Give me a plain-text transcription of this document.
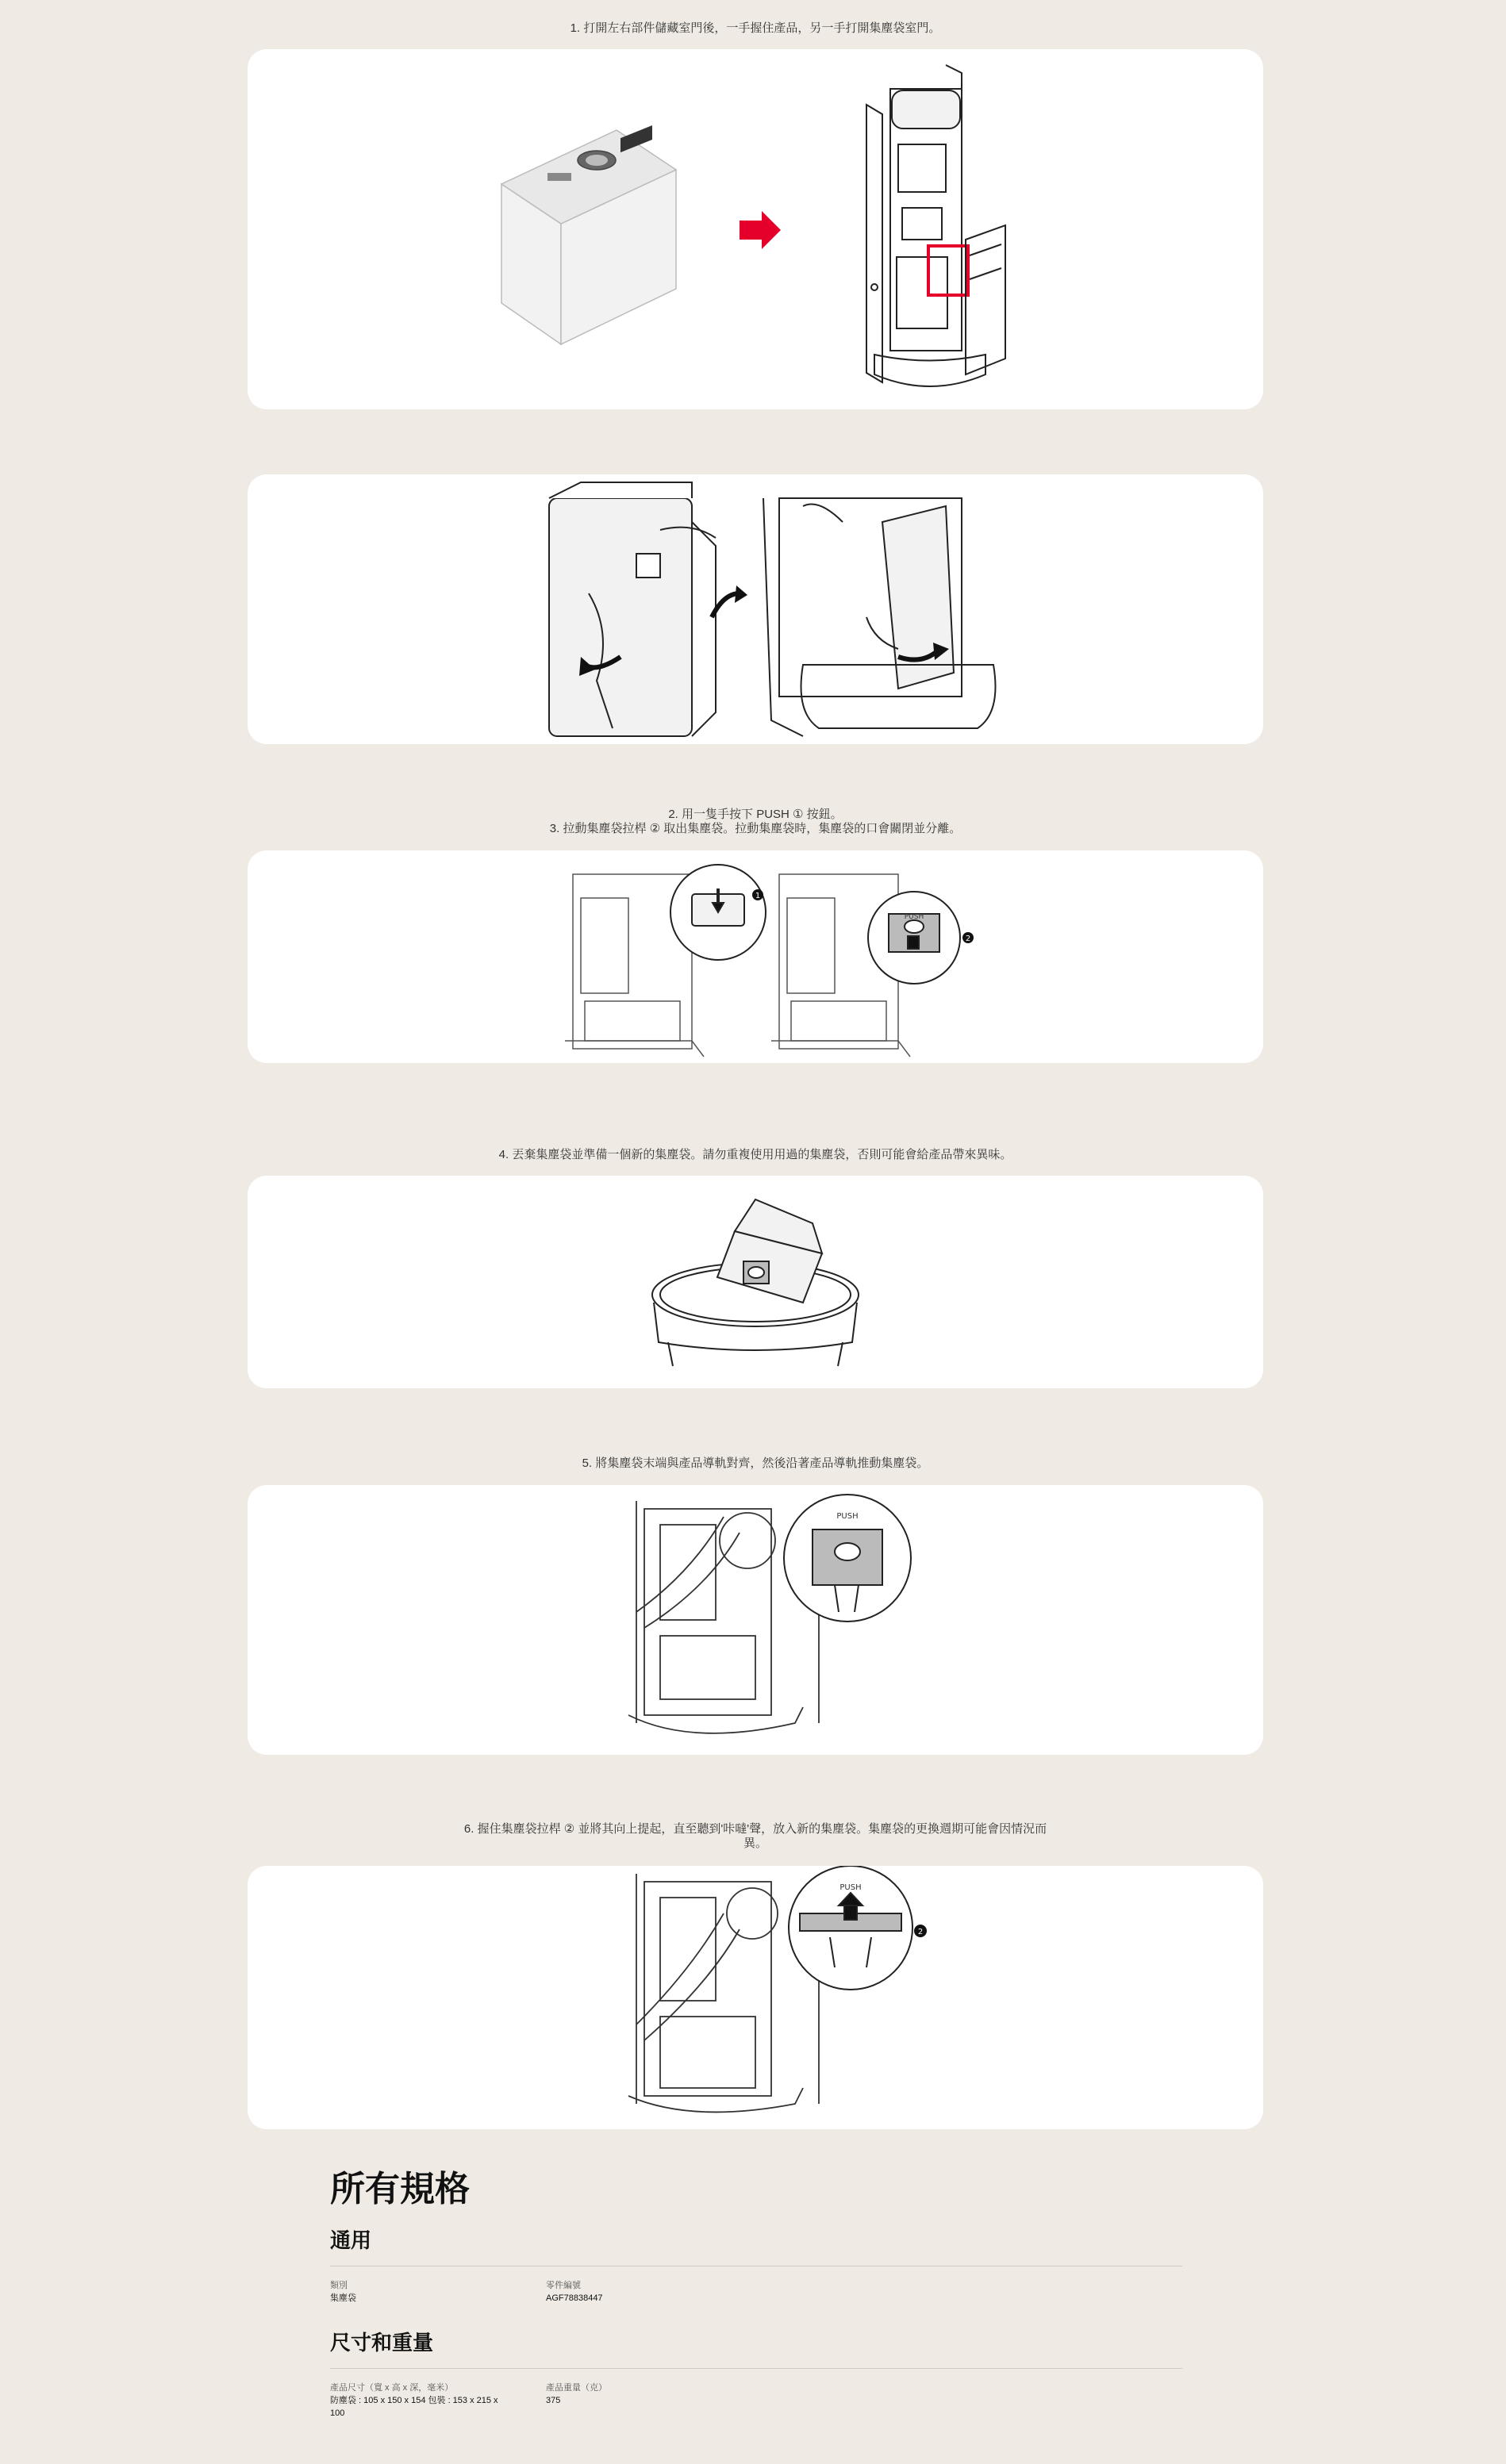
1. 打開左右部件儲藏室門後，一手握住產品，另一手打開集塵袋室門。
2. 用一隻手按下 PUSH ① 按鈕。
3. 拉動集塵袋拉桿 ② 取出集塵袋。拉動集塵袋時，集塵袋的口會關閉並分離。
1
PUSH
2
4. 丟棄集塵袋並準備一個新的集塵袋。請勿重複使用用過的集塵袋，否則可能會給產品帶來異味。
5. 將集塵袋末端與產品導軌對齊，然後沿著產品導軌推動集塵袋。
PUSH
6. 握住集塵袋拉桿 ② 並將其向上提起，直至聽到'咔噠'聲，放入新的集塵袋。集塵袋的更換週期可能會因情況而
異。
PUSH
2
所有規格
通用
類別
集塵袋
零件編號
AGF78838447
尺寸和重量
產品尺寸（寬 x 高 x 深，毫米）
防塵袋 : 105 x 150 x 154 包裝 : 153 x 215 x
100
產品重量（克）
375
